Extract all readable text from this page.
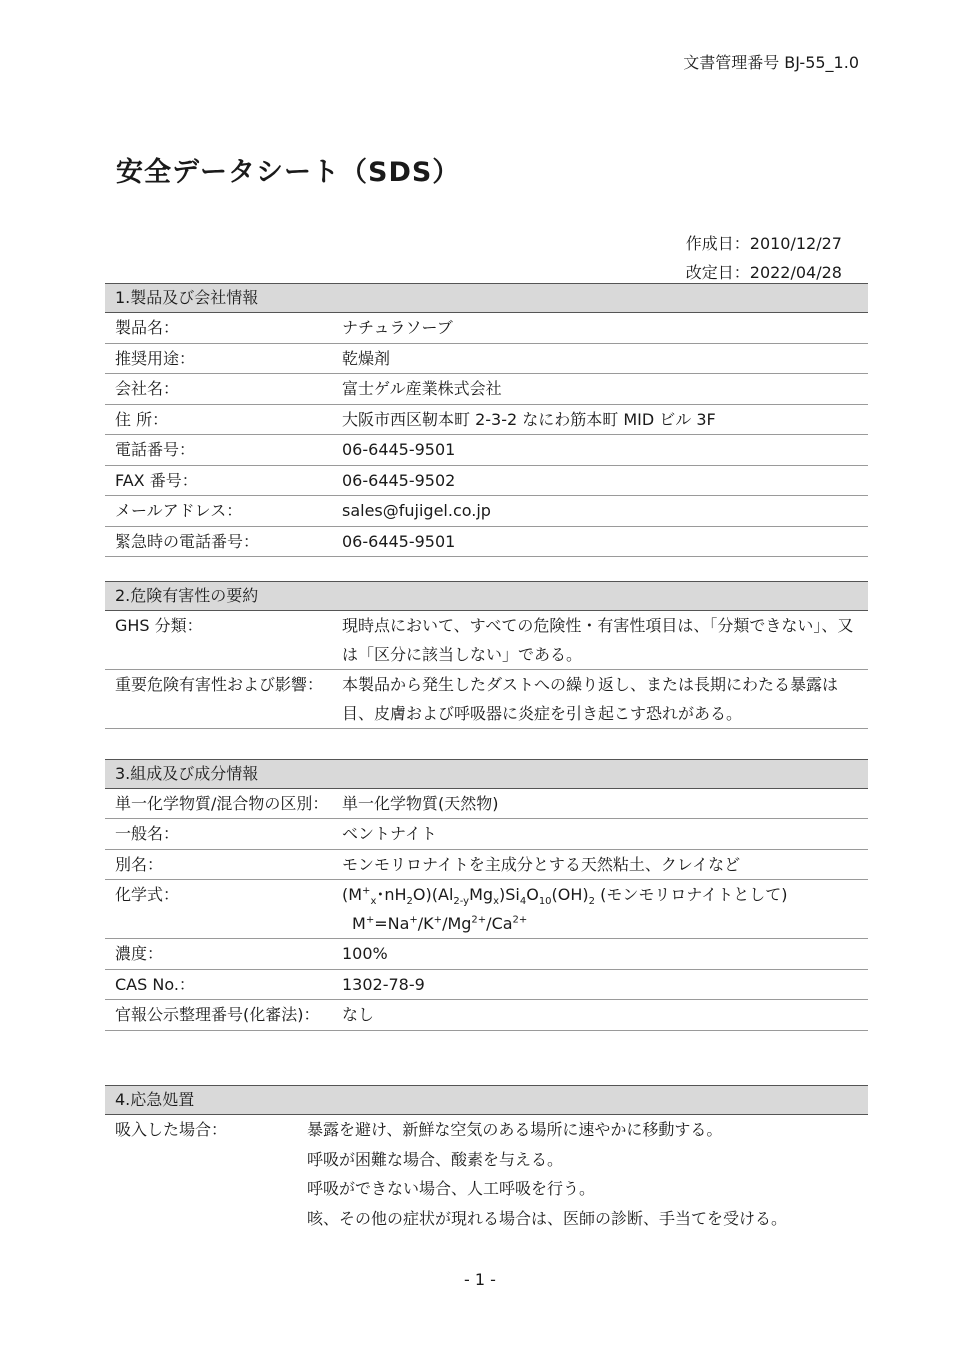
文書管理番号 BJ-55_1.0
安全データシート（SDS）
作成日：2010/12/27
改定日：2022/04/28
1.製品及び会社情報
製品名：	ナチュラソーブ
推奨用途：	乾燥剤
会社名：	富士ゲル産業株式会社
住 所：	大阪市西区靭本町 2-3-2 なにわ筋本町 MID ビル 3F
電話番号：	06-6445-9501
FAX 番号：	06-6445-9502
メールアドレス：	sales@fujigel.co.jp
緊急時の電話番号：	06-6445-9501
2.危険有害性の要約
GHS 分類：	現時点において、すべての危険性・有害性項目は、「分類できない」、又は「区分に該当しない」である。
重要危険有害性および影響：	本製品から発生したダストへの繰り返し、または長期にわたる暴露は目、皮膚および呼吸器に炎症を引き起こす恐れがある。
3.組成及び成分情報
単一化学物質/混合物の区別： 単一化学物質(天然物)
一般名：	ベントナイト
別名：	モンモリロナイトを主成分とする天然粘土、クレイなど
化学式：	($M^+_x$･$nH_2O)(Al_{2-y}Mg_x)Si_4O_{10}(OH)_2$ (モンモリロナイトとして)
$M^+=Na^+/K^+/Mg^{2+}/Ca^{2+}$
濃度：	100%
CAS No.：	1302-78-9
官報公示整理番号(化審法)：	なし
4.応急処置
吸入した場合：	暴露を避け、新鮮な空気のある場所に速やかに移動する。
呼吸が困難な場合、酸素を与える。
呼吸ができない場合、人工呼吸を行う。
咳、その他の症状が現れる場合は、医師の診断、手当てを受ける。
- 1 -
